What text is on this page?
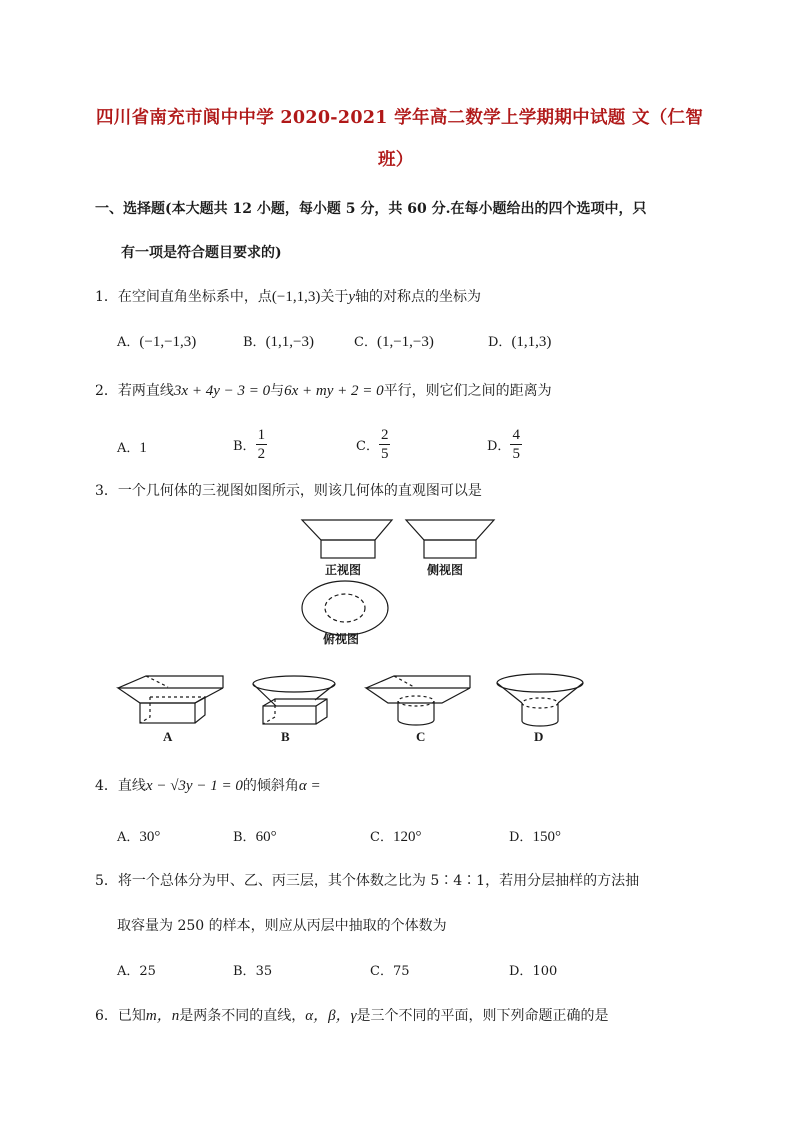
四川省南充市阆中中学 2020-2021 学年高二数学上学期期中试题 文（仁智
班）
一、选择题(本大题共 12 小题，每小题 5 分，共 60 分.在每小题给出的四个选项中，只
有一项是符合题目要求的)
1．在空间直角坐标系中，点(−1,1,3)关于y轴的对称点的坐标为
A．(−1,−1,3)	B．(1,1,−3)	C．(1,−1,−3)	D．(1,1,3)
2．若两直线3x + 4y − 3 = 0与6x + my + 2 = 0平行，则它们之间的距离为
A．1	B． $\frac{1}{2}$	C． $\frac{2}{5}$	D． $\frac{4}{5}$
3．一个几何体的三视图如图所示，则该几何体的直观图可以是
正视图	侧视图
俯视图
A	B	C	D
4．直线x − √3y − 1 = 0的倾斜角α =
A．30°	B．60°	C．120°	D．150°
5．将一个总体分为甲、乙、丙三层，其个体数之比为 5∶4∶1，若用分层抽样的方法抽
取容量为 250 的样本，则应从丙层中抽取的个体数为
A．25	B．35	C．75	D．100
6．已知m，n是两条不同的直线，α，β，γ是三个不同的平面，则下列命题正确的是
